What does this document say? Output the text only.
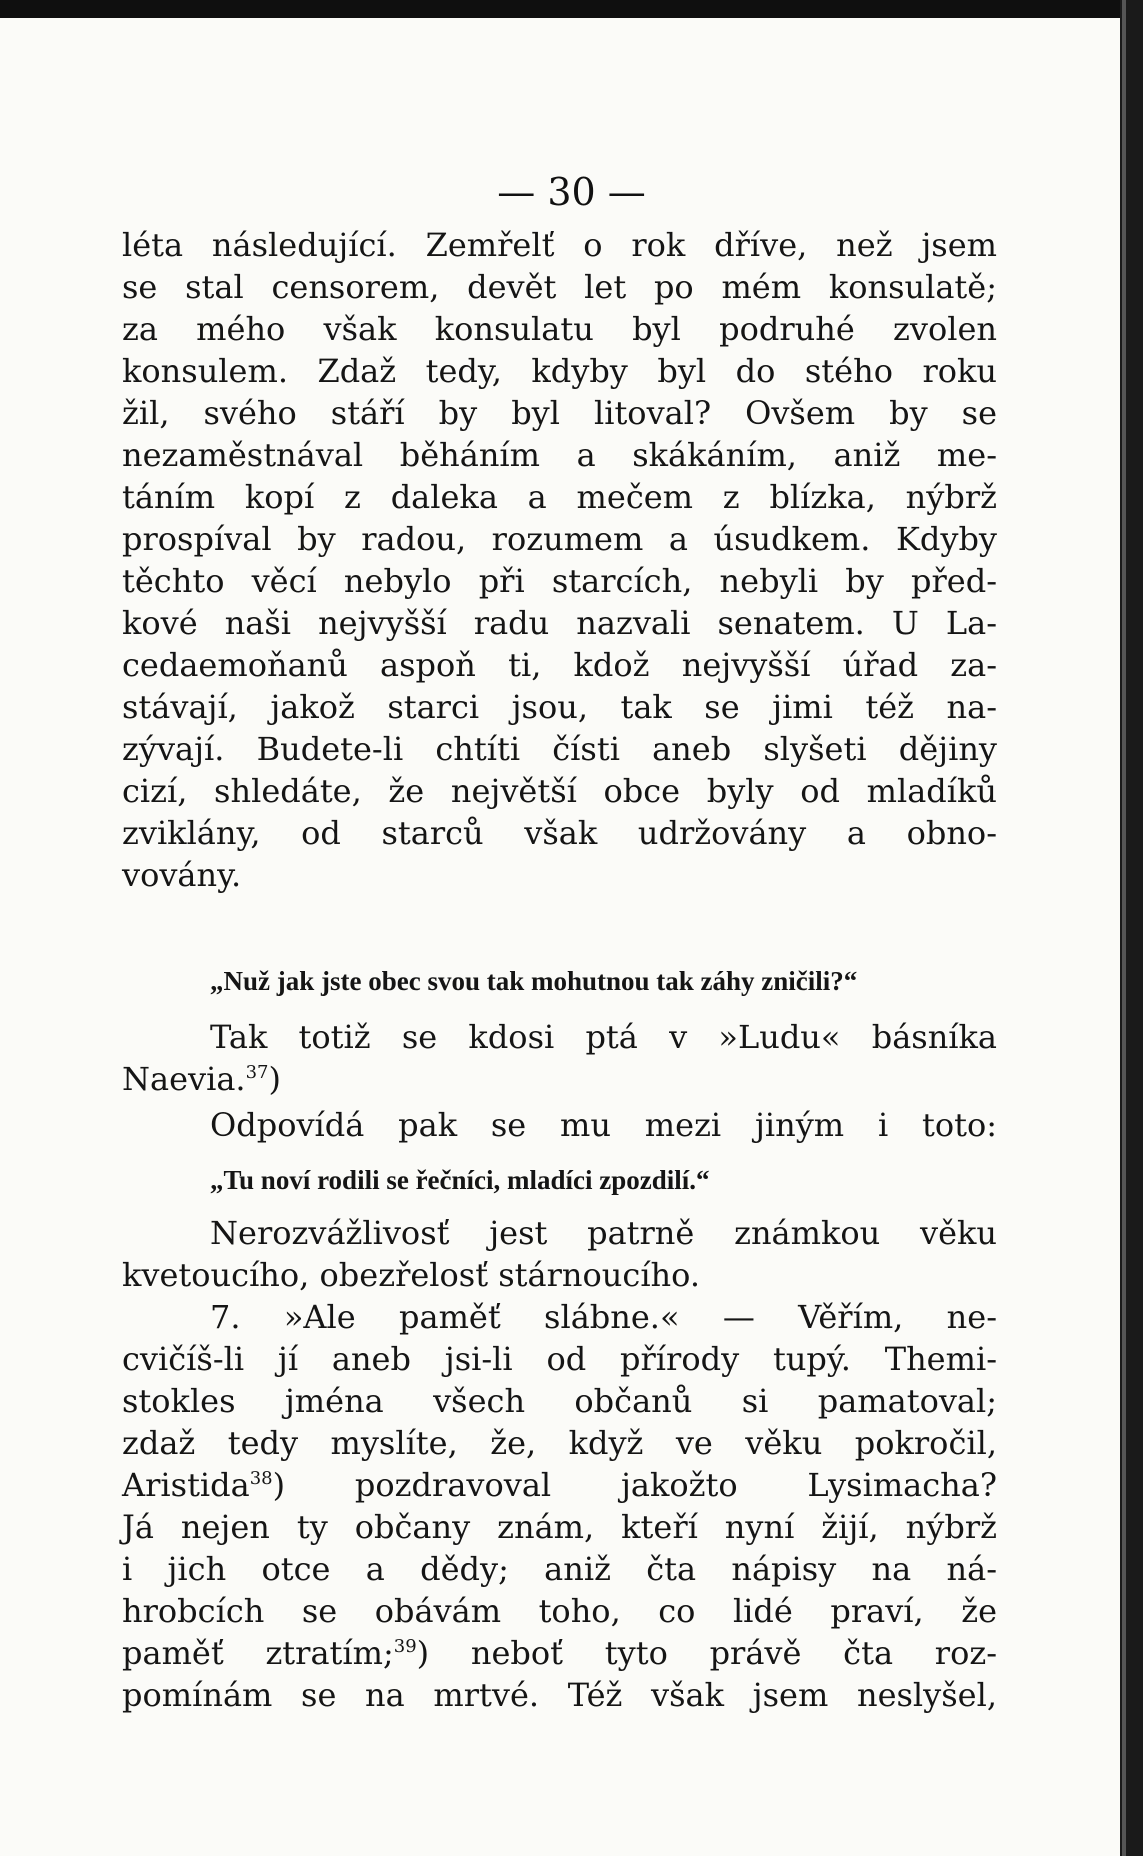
— 30 —
léta následující. Zemřelť o rok dříve, než jsem
se stal censorem, devět let po mém konsulatě;
za mého však konsulatu byl podruhé zvolen
konsulem. Zdaž tedy, kdyby byl do stého roku
žil, svého stáří by byl litoval? Ovšem by se
nezaměstnával běháním a skákáním, aniž me-
táním kopí z daleka a mečem z blízka, nýbrž
prospíval by radou, rozumem a úsudkem. Kdyby
těchto věcí nebylo při starcích, nebyli by před-
kové naši nejvyšší radu nazvali senatem. U La-
cedaemoňanů aspoň ti, kdož nejvyšší úřad za-
stávají, jakož starci jsou, tak se jimi též na-
zývají. Budete-li chtíti čísti aneb slyšeti dějiny
cizí, shledáte, že největší obce byly od mladíků
zviklány, od starců však udržovány a obno-
vovány.
„Nuž jak jste obec svou tak mohutnou tak záhy zničili?“
Tak totiž se kdosi ptá v »Ludu« básníka
Naevia.$^{37}$)
Odpovídá pak se mu mezi jiným i toto:
„Tu noví rodili se řečníci, mladíci zpozdilí.“
Nerozvážlivosť jest patrně známkou věku
kvetoucího, obezřelosť stárnoucího.
7. »Ale paměť slábne.« — Věřím, ne-
cvičíš-li jí aneb jsi-li od přírody tupý. Themi-
stokles jména všech občanů si pamatoval;
zdaž tedy myslíte, že, když ve věku pokročil,
Aristida$^{38}$) pozdravoval jakožto Lysimacha?
Já nejen ty občany znám, kteří nyní žijí, nýbrž
i jich otce a dědy; aniž čta nápisy na ná-
hrobcích se obávám toho, co lidé praví, že
paměť ztratím;$^{39}$) neboť tyto právě čta roz-
pomínám se na mrtvé. Též však jsem neslyšel,
